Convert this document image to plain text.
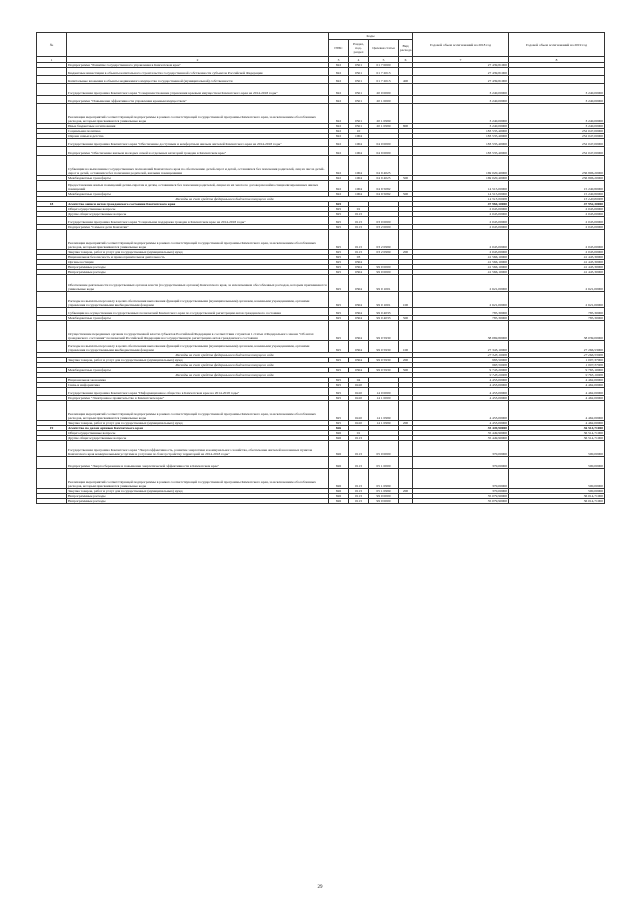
№		Коды				Годовой объем ассигнований на 2018 год	Годовой объем ассигнований на 2019 год
		ГРБС	Раздел, под- раздел	Целевая статья	Вид расхода		
1	2	3	4	5	6	7	8
	Подпрограмма "Развитие государственного управления в Камчатском крае"	822	0501	01 7 0000		27 439,81000	
	Бюджетные инвестиции в объекты капитального строительства государственной собственности субъектов Российской Федерации	822	0501	01 7 2013		27 439,81000	
	Капитальные вложения в объекты недвижимого имущества государственной (муниципальной) собственности	822	0501	01 7 2013	400	27 439,81000	
	Государственная программа Камчатского края "Совершенствование управления краевым имуществом Камчатского края на 2014-2018 годы"	822	0501	20 0 0000		3 240,00000	3 240,00000
	Подпрограмма "Повышение эффективности управления краевым имуществом"	822	0501	20 1 0000		3 240,00000	3 240,00000
	Реализация мероприятий соответствующей подпрограммы в рамках соответствующей государственной программы Камчатского края, за исключением обособленных расходов, которым присваиваются уникальные коды	822	0501	20 1 0999		3 240,00000	3 240,00000
	Иные бюджетные ассигнования	822	0501	20 1 0999	800	3 240,00000	3 240,00000
	Социальная политика	822	10			183 535,40000	252 047,00000
	Охрана семьи и детства	822	1004			183 535,40000	252 047,00000
	Государственная программа Камчатского края "Обеспечение доступным и комфортным жильем жителей Камчатского края на 2014-2018 годы"	822	1004	04 0 0000		183 535,40000	252 047,00000
	Подпрограмма "Обеспечение жильем молодых семей и отдельных категорий граждан в Камчатском крае"	822	1004	04 9 0000		183 535,40000	252 047,00000
	Субвенции на выполнение государственных полномочий Камчатского края по обеспечению детей-сирот и детей, оставшихся без попечения родителей, лиц из числа детей-сирот и детей, оставшихся без попечения родителей, жилыми помещениями	822	1004	04 9 4025		169 020,40000	236 806,20000
	Межбюджетные трансферты	822	1004	04 9 4025	500	169 020,40000	236 806,20000
	Предоставление жилых помещений детям-сиротам и детям, оставшимся без попечения родителей, лицам из их числа по договорам найма специализированных жилых помещений	822	1004	04 9 5082		14 515,00000	15 240,80000
	Межбюджетные трансферты	822	1004	04 9 5082	500	14 515,00000	15 240,80000
Расходы за счет средств федерального бюджета текущего года						14 515,00000	15 240,80000
18	Агентство записи актов гражданского состояния Камчатского края	825				47 984,10000	47 952,30000
	Общегосударственные вопросы	825	01			2 045,00000	2 045,00000
	Другие общегосударственные вопросы	825	0113			2 045,00000	2 045,00000
	Государственная программа Камчатского края "Социальная поддержка граждан в Камчатском крае на 2014-2018 годы"	825	0113	03 0 0000		2 045,00000	2 045,00000
	Подпрограмма "Семья и дети Камчатки"	825	0113	03 2 0000		2 045,00000	2 045,00000
	Реализация мероприятий соответствующей подпрограммы в рамках соответствующей государственной программы Камчатского края, за исключением обособленных расходов, которым присваиваются уникальные коды	825	0113	03 2 0999		2 045,00000	2 045,00000
	Закупка товаров, работ и услуг для государственных (муниципальных) нужд	825	0113	03 2 0999	200	2 045,00000	2 045,00000
	Национальная безопасность и правоохранительная деятельность	825	03			41 566,10000	41 445,30000
	Органы юстиции	825	0304			41 566,10000	41 445,30000
	Непрограммные расходы	825	0304	99 0 0000		41 566,10000	41 445,30000
	Непрограммные расходы	825	0304	99 0 0000		41 566,10000	41 445,30000
	Обеспечение деятельности государственных органов власти (государственных органов) Камчатского края, за исключением обособленных расходов, которым присваиваются уникальные коды	825	0304	99 0 1001		2 621,00000	2 621,00000
	Расходы на выплаты персоналу в целях обеспечения выполнения функций государственными (муниципальными) органами, казенными учреждениями, органами управления государственными внебюджетными фондами	825	0304	99 0 1001	100	2 621,00000	2 621,00000
	Субвенции на осуществление государственных полномочий Камчатского края по государственной регистрации актов гражданского состояния	825	0304	99 0 4033		785,30000	785,30000
	Межбюджетные трансферты	825	0304	99 0 4033	500	785,30000	785,30000
	Осуществление переданных органам государственной власти субъектов Российской Федерации в соответствии с пунктом 1 статьи 4 Федерального закона "Об актах гражданского состояния" полномочий Российской Федерации на государственную регистрацию актов гражданского состояния	825	0304	99 0 5930		38 069,80000	38 039,00000
	Расходы на выплаты персоналу в целях обеспечения выполнения функций государственными (муниципальными) органами, казенными учреждениями, органами управления государственными внебюджетными фондами	825	0304	99 0 5930	100	27 343,10000	27 266,53000
Расходы за счет средств федерального бюджета текущего года						27 343,10000	27 266,53000
	Закупка товаров, работ и услуг для государственных (муниципальных) нужд	825	0304	99 0 5930	200	983,50000	1 007,37000
Расходы за счет средств федерального бюджета текущего года						983,50000	1 007,37000
	Межбюджетные трансферты	825	0304	99 0 5930	500	9 743,20000	9 765,10000
Расходы за счет средств федерального бюджета текущего года						9 743,20000	9 765,10000
	Национальная экономика	825	04			4 453,00000	4 462,00000
	Связь и информатика	825	0410			4 453,00000	4 462,00000
	Государственная программа Камчатского края "Информационное общество в Камчатском крае на 2014-2018 годы"	825	0410	14 0 0000		4 453,00000	4 462,00000
	Подпрограмма "Электронное правительство в Камчатском крае"	825	0410	14 1 0000		4 453,00000	4 462,00000
	Реализация мероприятий соответствующей подпрограммы в рамках соответствующей государственной программы Камчатского края, за исключением обособленных расходов, которым присваиваются уникальные коды	825	0410	14 1 0999		4 453,00000	4 462,00000
	Закупка товаров, работ и услуг для государственных (муниципальных) нужд	825	0410	14 1 0999	200	4 453,00000	4 462,00000
19	Агентство по делам архивов Камчатского края	826				35 449,90000	36 514,71000
	Общегосударственные вопросы	826	01			35 449,90000	36 514,71000
	Другие общегосударственные вопросы	826	0113			35 449,90000	36 514,71000
	Государственная программа Камчатского края "Энергоэффективность, развитие энергетики и коммунального хозяйства, обеспечение жителей населенных пунктов Камчатского края коммунальными услугами и услугами по благоустройству территорий на 2014-2018 годы"	826	0113	05 0 0000		370,00000	500,00000
	Подпрограмма "Энергосбережение и повышение энергетической эффективности в Камчатском крае"	826	0113	05 1 0000		370,00000	500,00000
	Реализация мероприятий соответствующей подпрограммы в рамках соответствующей государственной программы Камчатского края, за исключением обособленных расходов, которым присваиваются уникальные коды	826	0113	05 1 0999		370,00000	500,00000
	Закупка товаров, работ и услуг для государственных (муниципальных) нужд	826	0113	05 1 0999	200	370,00000	500,00000
	Непрограммные расходы	826	0113	99 0 0000		35 079,90000	36 014,71000
	Непрограммные расходы	826	0113	99 0 0000		35 079,90000	36 014,71000
29
